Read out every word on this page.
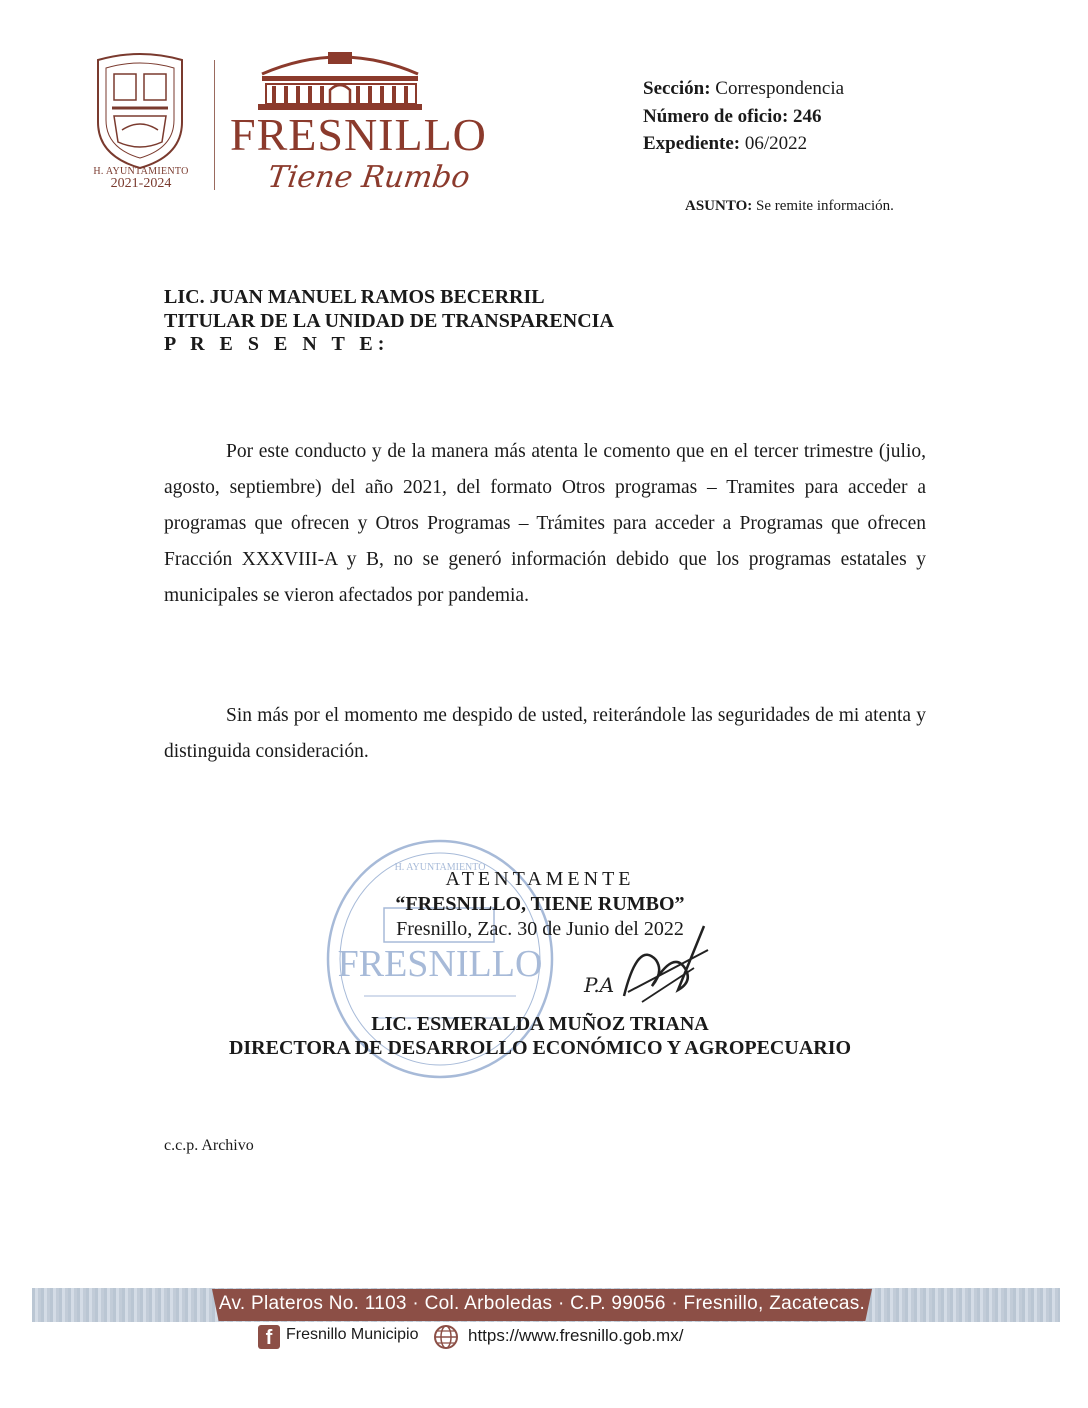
H. AYUNTAMIENTO
2021-2024
FRESNILLO
Tiene Rumbo
Sección: Correspondencia
Número de oficio: 246
Expediente: 06/2022
ASUNTO: Se remite información.
LIC. JUAN MANUEL RAMOS BECERRIL
TITULAR DE LA UNIDAD DE TRANSPARENCIA
P R E S E N T E:
Por este conducto y de la manera más atenta le comento que en el tercer trimestre (julio, agosto, septiembre) del año 2021, del formato Otros programas – Tramites para acceder a programas que ofrecen y Otros Programas – Trámites para acceder a Programas que ofrecen Fracción XXXVIII-A y B, no se generó información debido que los programas estatales y municipales se vieron afectados por pandemia.
Sin más por el momento me despido de usted, reiterándole las seguridades de mi atenta y distinguida consideración.
H. AYUNTAMIENTO
FRESNILLO P.A
ATENTAMENTE
“FRESNILLO, TIENE RUMBO”
Fresnillo, Zac. 30 de Junio del 2022
LIC. ESMERALDA MUÑOZ TRIANA
DIRECTORA DE DESARROLLO ECONÓMICO Y AGROPECUARIO
c.c.p. Archivo
Av. Plateros No. 1103 · Col. Arboledas · C.P. 99056 · Fresnillo, Zacatecas.
f Fresnillo Municipio	https://www.fresnillo.gob.mx/
